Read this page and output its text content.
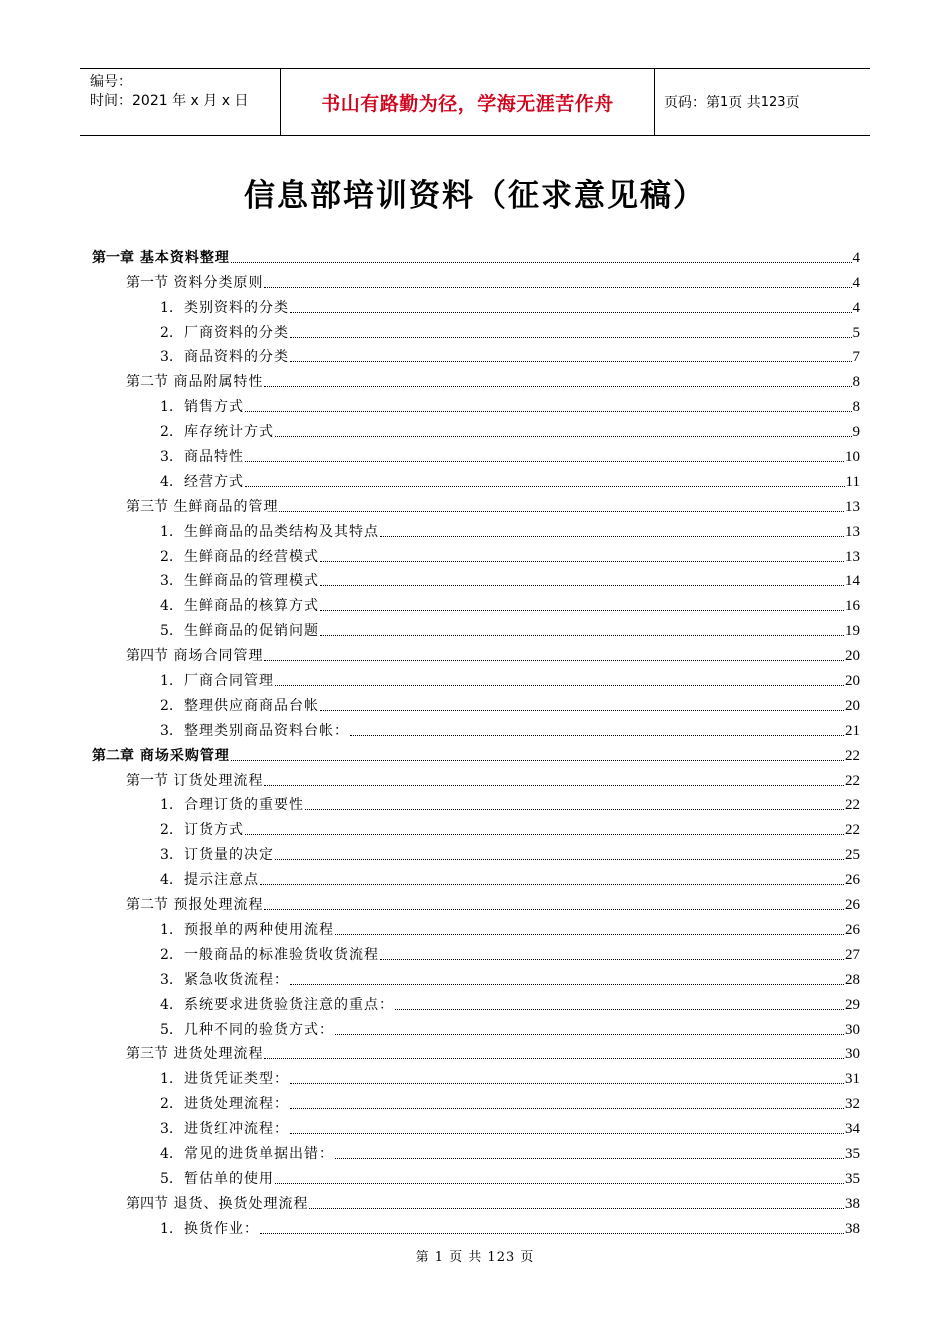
编号：
时间：2021 年 x 月 x 日	书山有路勤为径，学海无涯苦作舟	页码：第 1 页 共 123 页
信息部培训资料（征求意见稿）
第一章 基本资料整理	4
第一节 资料分类原则	4
1. 类别资料的分类	4
2. 厂商资料的分类	5
3. 商品资料的分类	7
第二节 商品附属特性	8
1. 销售方式	8
2. 库存统计方式	9
3. 商品特性	10
4. 经营方式	11
第三节 生鲜商品的管理	13
1. 生鲜商品的品类结构及其特点	13
2. 生鲜商品的经营模式	13
3. 生鲜商品的管理模式	14
4. 生鲜商品的核算方式	16
5. 生鲜商品的促销问题	19
第四节 商场合同管理	20
1. 厂商合同管理	20
2. 整理供应商商品台帐	20
3. 整理类别商品资料台帐：	21
第二章 商场采购管理	22
第一节 订货处理流程	22
1. 合理订货的重要性	22
2. 订货方式	22
3. 订货量的决定	25
4. 提示注意点	26
第二节 预报处理流程	26
1. 预报单的两种使用流程	26
2. 一般商品的标准验货收货流程	27
3. 紧急收货流程：	28
4. 系统要求进货验货注意的重点：	29
5. 几种不同的验货方式：	30
第三节 进货处理流程	30
1. 进货凭证类型：	31
2. 进货处理流程：	32
3. 进货红冲流程：	34
4. 常见的进货单据出错：	35
5. 暂估单的使用	35
第四节 退货、换货处理流程	38
1. 换货作业：	38
第 1 页 共 123 页
